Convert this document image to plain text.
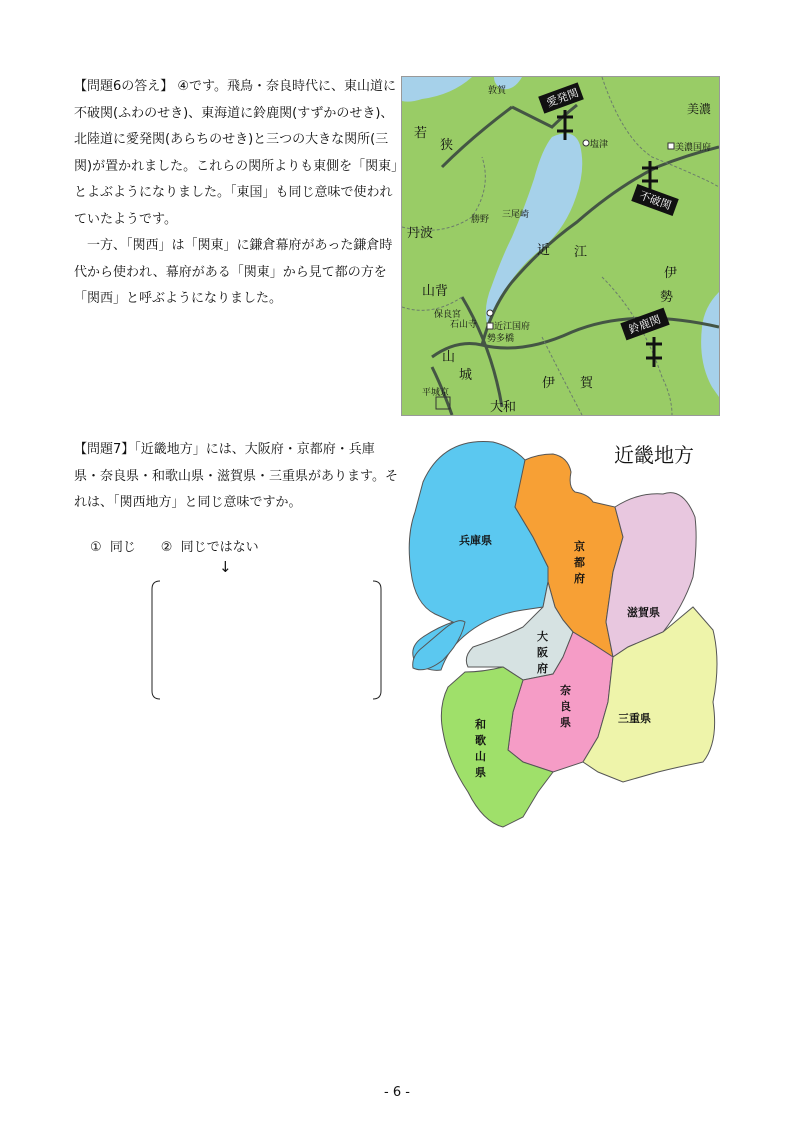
【問題6の答え】 ④です。飛鳥・奈良時代に、東山道に不破関(ふわのせき)、東海道に鈴鹿関(すずかのせき)、北陸道に愛発関(あらちのせき)と三つの大きな関所(三関)が置かれました。これらの関所よりも東側を「関東」とよぶようになりました。「東国」も同じ意味で使われていたようです。

一方、「関西」は「関東」に鎌倉幕府があった鎌倉時代から使われ、幕府がある「関東」から見て都の方を「関西」と呼ぶようになりました。

愛発関
不破関
鈴鹿関
敦賀
美濃
美濃国府
塩津
若
狭
三尾崎
勝野
丹波
近 江
伊
勢
山背
保良宮
石山寺 近江国府
勢多橋
山
城
伊 賀
平城京
大和

【問題7】「近畿地方」には、大阪府・京都府・兵庫県・奈良県・和歌山県・滋賀県・三重県があります。それは、「関西地方」と同じ意味ですか。

①  同じ      ②  同じではない
↓
近畿地方
兵庫県	京
都
府
滋賀県
大
阪
府
奈
良
県	三重県
和
歌
山
県
- 6 -
